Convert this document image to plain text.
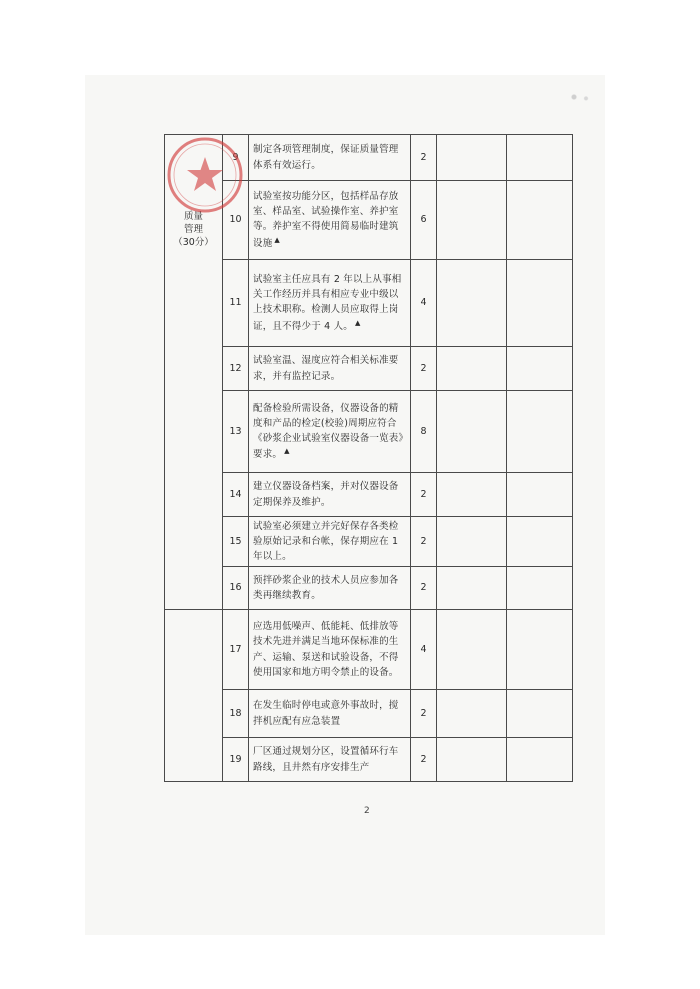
质量
管理
（30分）	9	制定各项管理制度，保证质量管理体系有效运行。	2		
	10	试验室按功能分区，包括样品存放室、样品室、试验操作室、养护室等。养护室不得使用简易临时建筑设施 ▲	6		
	11	试验室主任应具有 2 年以上从事相关工作经历并具有相应专业中级以上技术职称。检测人员应取得上岗证，且不得少于 4 人。 ▲	4		
	12	试验室温、湿度应符合相关标准要求，并有监控记录。	2		
	13	配备检验所需设备，仪器设备的精度和产品的检定(校验)周期应符合《砂浆企业试验室仪器设备一览表》要求。 ▲	8		
	14	建立仪器设备档案，并对仪器设备定期保养及维护。	2		
	15	试验室必须建立并完好保存各类检验原始记录和台帐，保存期应在 1 年以上。	2		
	16	预拌砂浆企业的技术人员应参加各类再继续教育。	2		
	17	应选用低噪声、低能耗、低排放等技术先进并满足当地环保标准的生产、运输、泵送和试验设备，不得使用国家和地方明令禁止的设备。	4		
	18	在发生临时停电或意外事故时，搅拌机应配有应急装置	2		
	19	厂区通过规划分区，设置循环行车路线，且井然有序安排生产	2		
2
